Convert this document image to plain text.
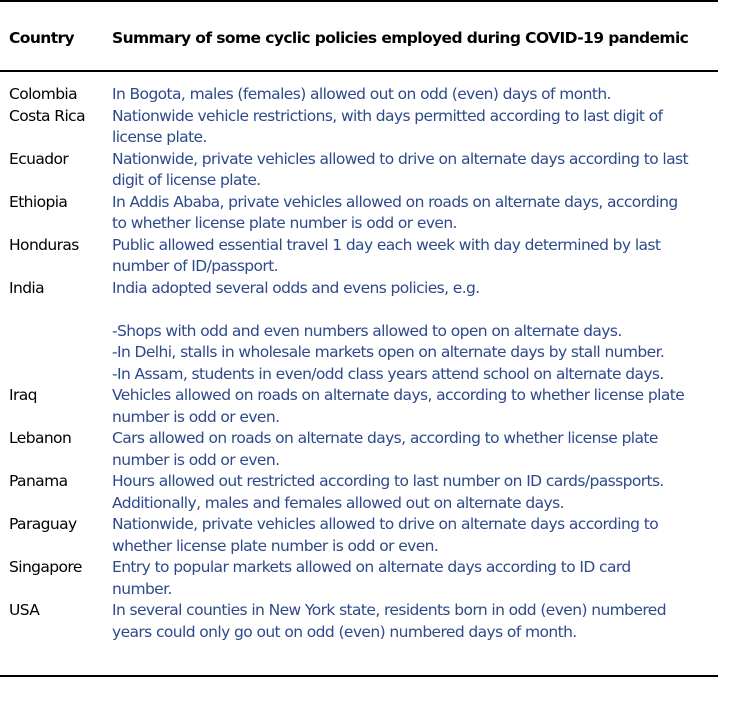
Country Summary of some cyclic policies employed during COVID-19 pandemic
Colombia	In Bogota, males (females) allowed out on odd (even) days of month.
Costa Rica	Nationwide vehicle restrictions, with days permitted according to last digit of
license plate.
Ecuador	Nationwide, private vehicles allowed to drive on alternate days according to last
digit of license plate.
Ethiopia	In Addis Ababa, private vehicles allowed on roads on alternate days, according
to whether license plate number is odd or even.
Honduras	Public allowed essential travel 1 day each week with day determined by last
number of ID/passport.
India	India adopted several odds and evens policies, e.g.
-Shops with odd and even numbers allowed to open on alternate days.
-In Delhi, stalls in wholesale markets open on alternate days by stall number.
-In Assam, students in even/odd class years attend school on alternate days.
Iraq	Vehicles allowed on roads on alternate days, according to whether license plate
number is odd or even.
Lebanon	Cars allowed on roads on alternate days, according to whether license plate
number is odd or even.
Panama	Hours allowed out restricted according to last number on ID cards/passports.
Additionally, males and females allowed out on alternate days.
Paraguay	Nationwide, private vehicles allowed to drive on alternate days according to
whether license plate number is odd or even.
Singapore	Entry to popular markets allowed on alternate days according to ID card
number.
USA	In several counties in New York state, residents born in odd (even) numbered
years could only go out on odd (even) numbered days of month.
